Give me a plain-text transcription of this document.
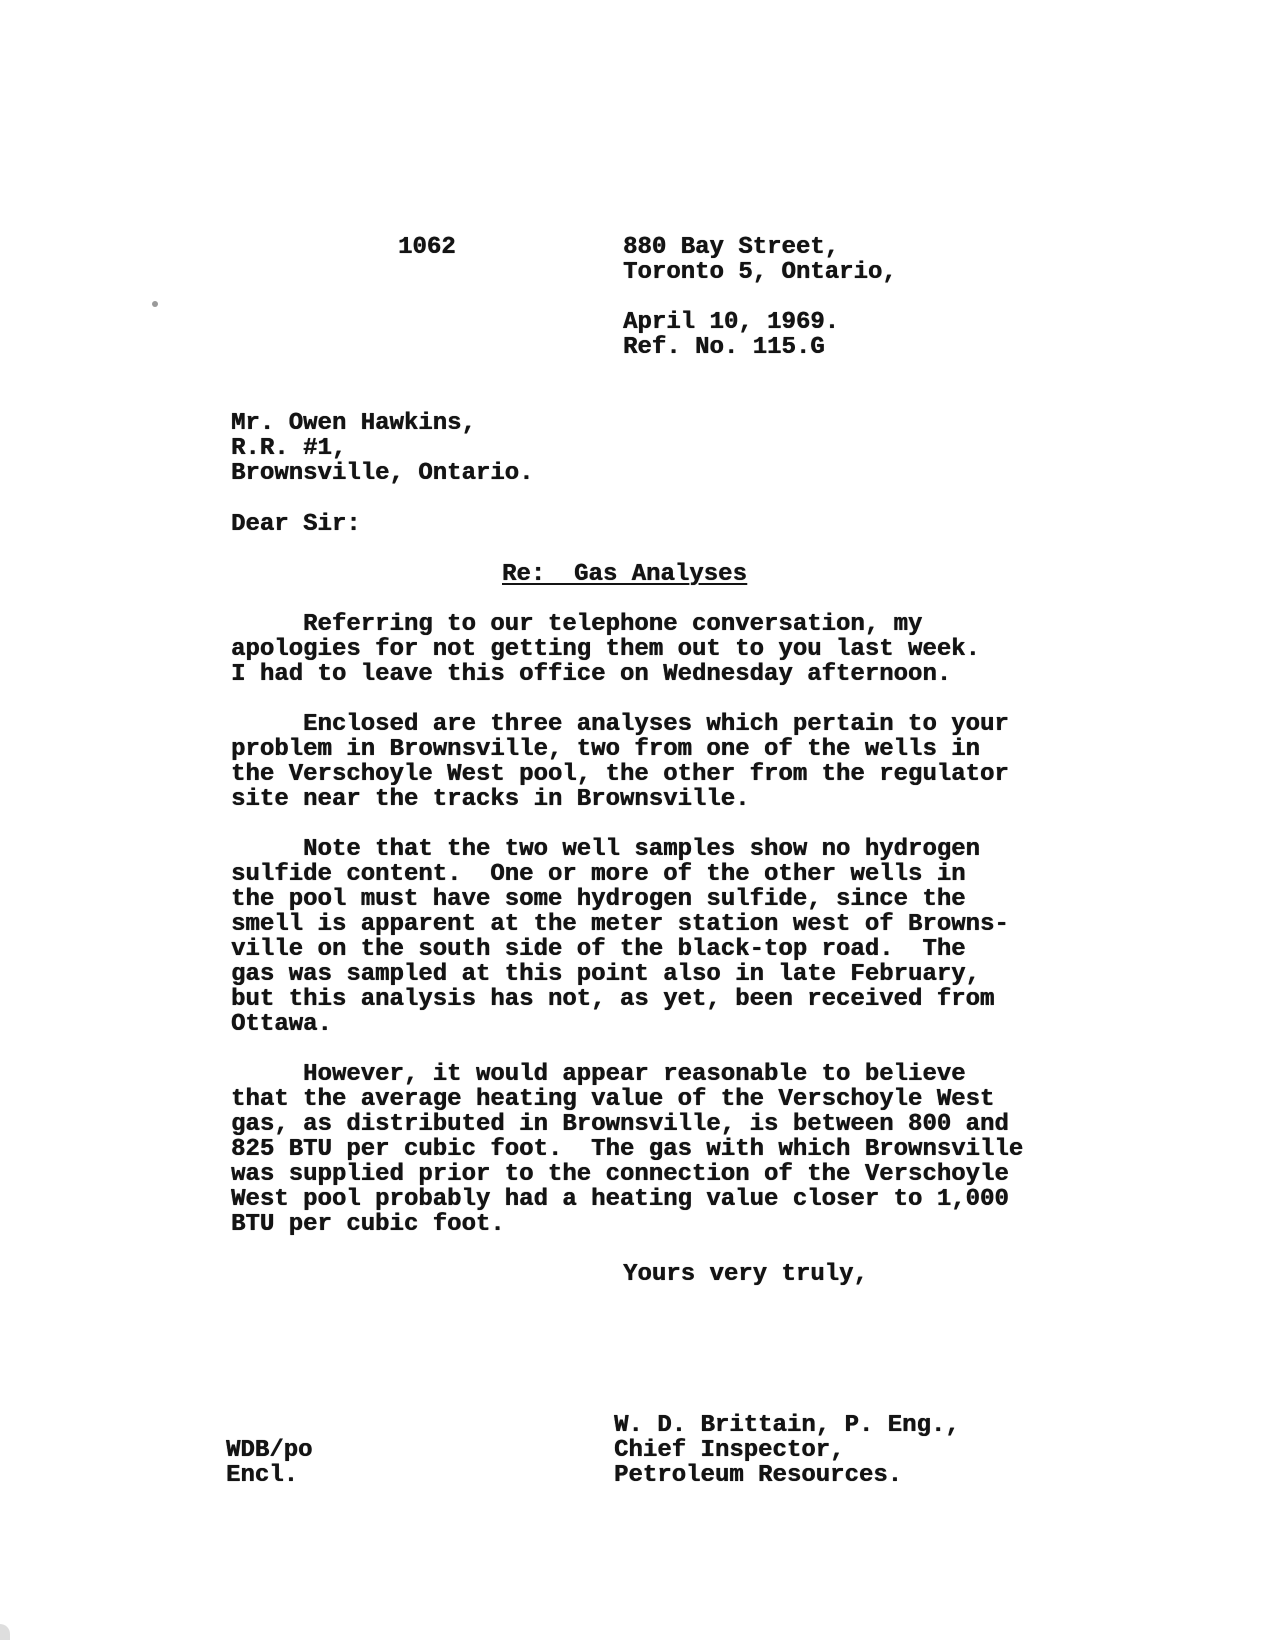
1062	880 Bay Street,
Toronto 5, Ontario,
April 10, 1969.
Ref. No. 115.G
Mr. Owen Hawkins,
R.R. #1,
Brownsville, Ontario.

Dear Sir:

Re:  Gas Analyses

Referring to our telephone conversation, my
apologies for not getting them out to you last week.
I had to leave this office on Wednesday afternoon.
Enclosed are three analyses which pertain to your
problem in Brownsville, two from one of the wells in
the Verschoyle West pool, the other from the regulator
site near the tracks in Brownsville.
Note that the two well samples show no hydrogen
sulfide content.  One or more of the other wells in
the pool must have some hydrogen sulfide, since the
smell is apparent at the meter station west of Browns-
ville on the south side of the black-top road.  The
gas was sampled at this point also in late February,
but this analysis has not, as yet, been received from
Ottawa.
However, it would appear reasonable to believe
that the average heating value of the Verschoyle West
gas, as distributed in Brownsville, is between 800 and
825 BTU per cubic foot.  The gas with which Brownsville
was supplied prior to the connection of the Verschoyle
West pool probably had a heating value closer to 1,000
BTU per cubic foot.

Yours very truly,

W. D. Brittain, P. Eng.,
Chief Inspector,
Petroleum Resources.
WDB/po
Encl.
